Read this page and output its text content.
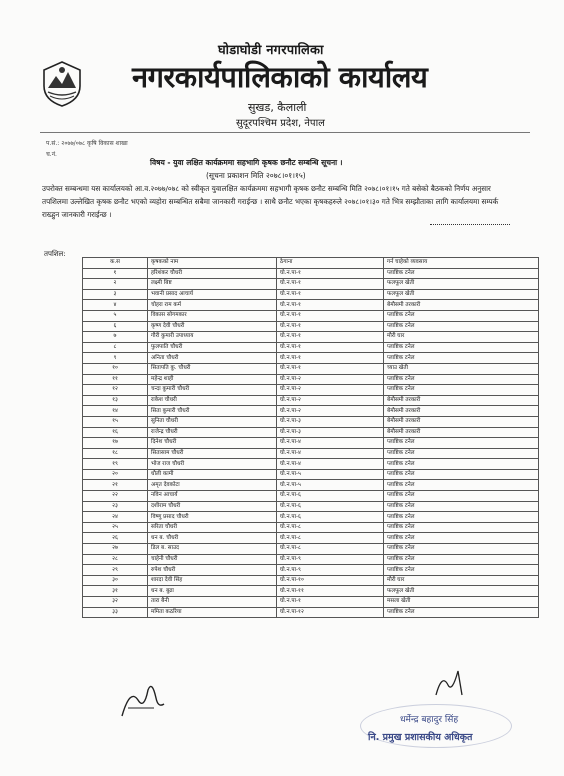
घोडाघोडी नगरपालिका
नगरकार्यपालिकाको कार्यालय
सुखड, कैलाली
सुदूरपश्चिम प्रदेश, नेपाल
प.सं.: २०७७/०७८ कृषि विकास शाखा
च.नं.
विषय - युवा लक्षित कार्यक्रममा सहभागि कृषक छनौट सम्बन्धि सूचना ।
(सूचना प्रकाशन मिति २०७८।०१।१५)
उपरोक्त सम्बन्धमा यस कार्यालयको आ.व.२०७७/०७८ को स्वीकृत युवालक्षित कार्यक्रममा सहभागी कृषक छनौट सम्बन्धि मिति २०७८।०१।१५ गते बसेको बैठकको निर्णय अनुसार तपशिलमा उल्लेखित कृषक छनौट भएको व्यहोरा सम्बन्धित सबैमा जानकारी गराईन्छ । साथै छनौट भएका कृषकहरुले २०७८।०१।३० गते भित्र सम्झौताका लागि कार्यालयमा सम्पर्क राख्हुन जानकारी गराईन्छ ।
तपशिल:
क.स	कृषकको नाम	ठेगाना	गर्न चाहेको व्यवसाय
१	हरिशंकर चौधरी	घो.न.पा-१	प्लाष्टिक टनेल
२	लक्ष्मी बिष्ट	घो.न.पा-१	फलफूल खेती
३	भवानी प्रसाद आचार्य	घो.न.पा-१	फलफूल खेती
४	चोहरा राम कर्म	घो.न.पा-१	बेमौसमी तरकारी
५	विकास सोगमकार	घो.न.पा-१	प्लाष्टिक टनेल
६	कृष्ण देवी चौधरी	घो.न.पा-१	प्लाष्टिक टनेल
७	गौरी कुमारी उपाध्याय	घो.न.पा-१	मौरी घार
८	फुलपाति चौधरी	घो.न.पा-१	प्लाष्टिक टनेल
९	अनिता चौधरी	घो.न.पा-१	प्लाष्टिक टनेल
१०	सितापति कु. चौधरी	घो.न.पा-१	च्याउ खेती
११	महेन्द्र शाही	घो.न.पा-२	प्लाष्टिक टनेल
१२	चन्दा कुमारी चौधरी	घो.न.पा-२	प्लाष्टिक टनेल
१३	राकेश चौधरी	घो.न.पा-२	बेमौसमी तरकारी
१४	सिता कुमारी चौधरी	घो.न.पा-२	बेमौसमी तरकारी
१५	सुनिता चौधरी	घो.न.पा-३	बेमौसमी तरकारी
१६	राजेन्द्र चौधरी	घो.न.पा-३	बेमौसमी तरकारी
१७	दिनेश चौधरी	घो.न.पा-४	प्लाष्टिक टनेल
१८	सितासाम चौधरी	घो.न.पा-४	प्लाष्टिक टनेल
१९	भोज राज चौधरी	घो.न.पा-४	प्लाष्टिक टनेल
२०	धौली कामी	घो.न.पा-५	प्लाष्टिक टनेल
२१	अमृत देवकोटा	घो.न.पा-५	प्लाष्टिक टनेल
२२	नविन आचार्य	घो.न.पा-६	प्लाष्टिक टनेल
२३	दशीराम चौधरी	घो.न.पा-६	प्लाष्टिक टनेल
२४	विष्णु प्रसाद चौधरी	घो.न.पा-६	प्लाष्टिक टनेल
२५	सरिता चौधरी	घो.न.पा-८	प्लाष्टिक टनेल
२६	धन ब. चौधरी	घो.न.पा-८	प्लाष्टिक टनेल
२७	डिल ब. साउद	घो.न.पा-८	प्लाष्टिक टनेल
२८	चाहेनी चौधरी	घो.न.पा-९	प्लाष्टिक टनेल
२९	रुपेश चौधरी	घो.न.पा-९	प्लाष्टिक टनेल
३०	शारदा देवी सिंह	घो.न.पा-१०	मौरी घार
३१	धन ब. बुढा	घो.न.पा-११	फलफूल खेती
३२	तारा बैनी	घो.न.पा-१	मसला खेती
३३	ममिता कठरिया	घो.न.पा-१२	प्लाष्टिक टनेल
धर्मेन्द्र बहादुर सिंह
नि. प्रमुख प्रशासकीय अधिकृत
